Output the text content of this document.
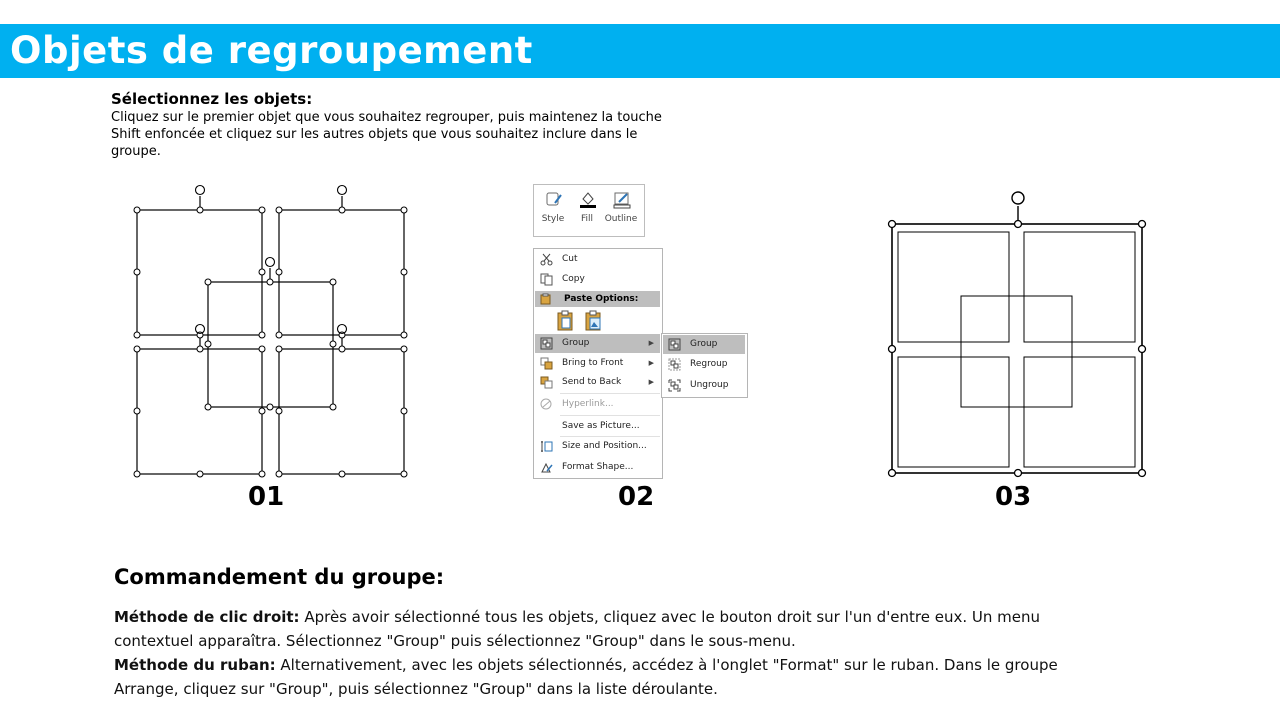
Objets de regroupement
Sélectionnez les objets:
Cliquez sur le premier objet que vous souhaitez regrouper, puis maintenez la touche
Shift enfoncée et cliquez sur les autres objets que vous souhaitez inclure dans le
groupe.
01	02	03
Style	Fill	Outline
Cut
Copy
Paste Options:
Group	▶
Bring to Front	▶
Send to Back	▶
Hyperlink...
Save as Picture...
Size and Position...
Format Shape...
Group
Regroup
Ungroup
Commandement du groupe:
Méthode de clic droit: Après avoir sélectionné tous les objets, cliquez avec le bouton droit sur l'un d'entre eux. Un menu contextuel apparaîtra. Sélectionnez "Group" puis sélectionnez "Group" dans le sous-menu.
Méthode du ruban: Alternativement, avec les objets sélectionnés, accédez à l'onglet "Format" sur le ruban. Dans le groupe Arrange, cliquez sur "Group", puis sélectionnez "Group" dans la liste déroulante.
